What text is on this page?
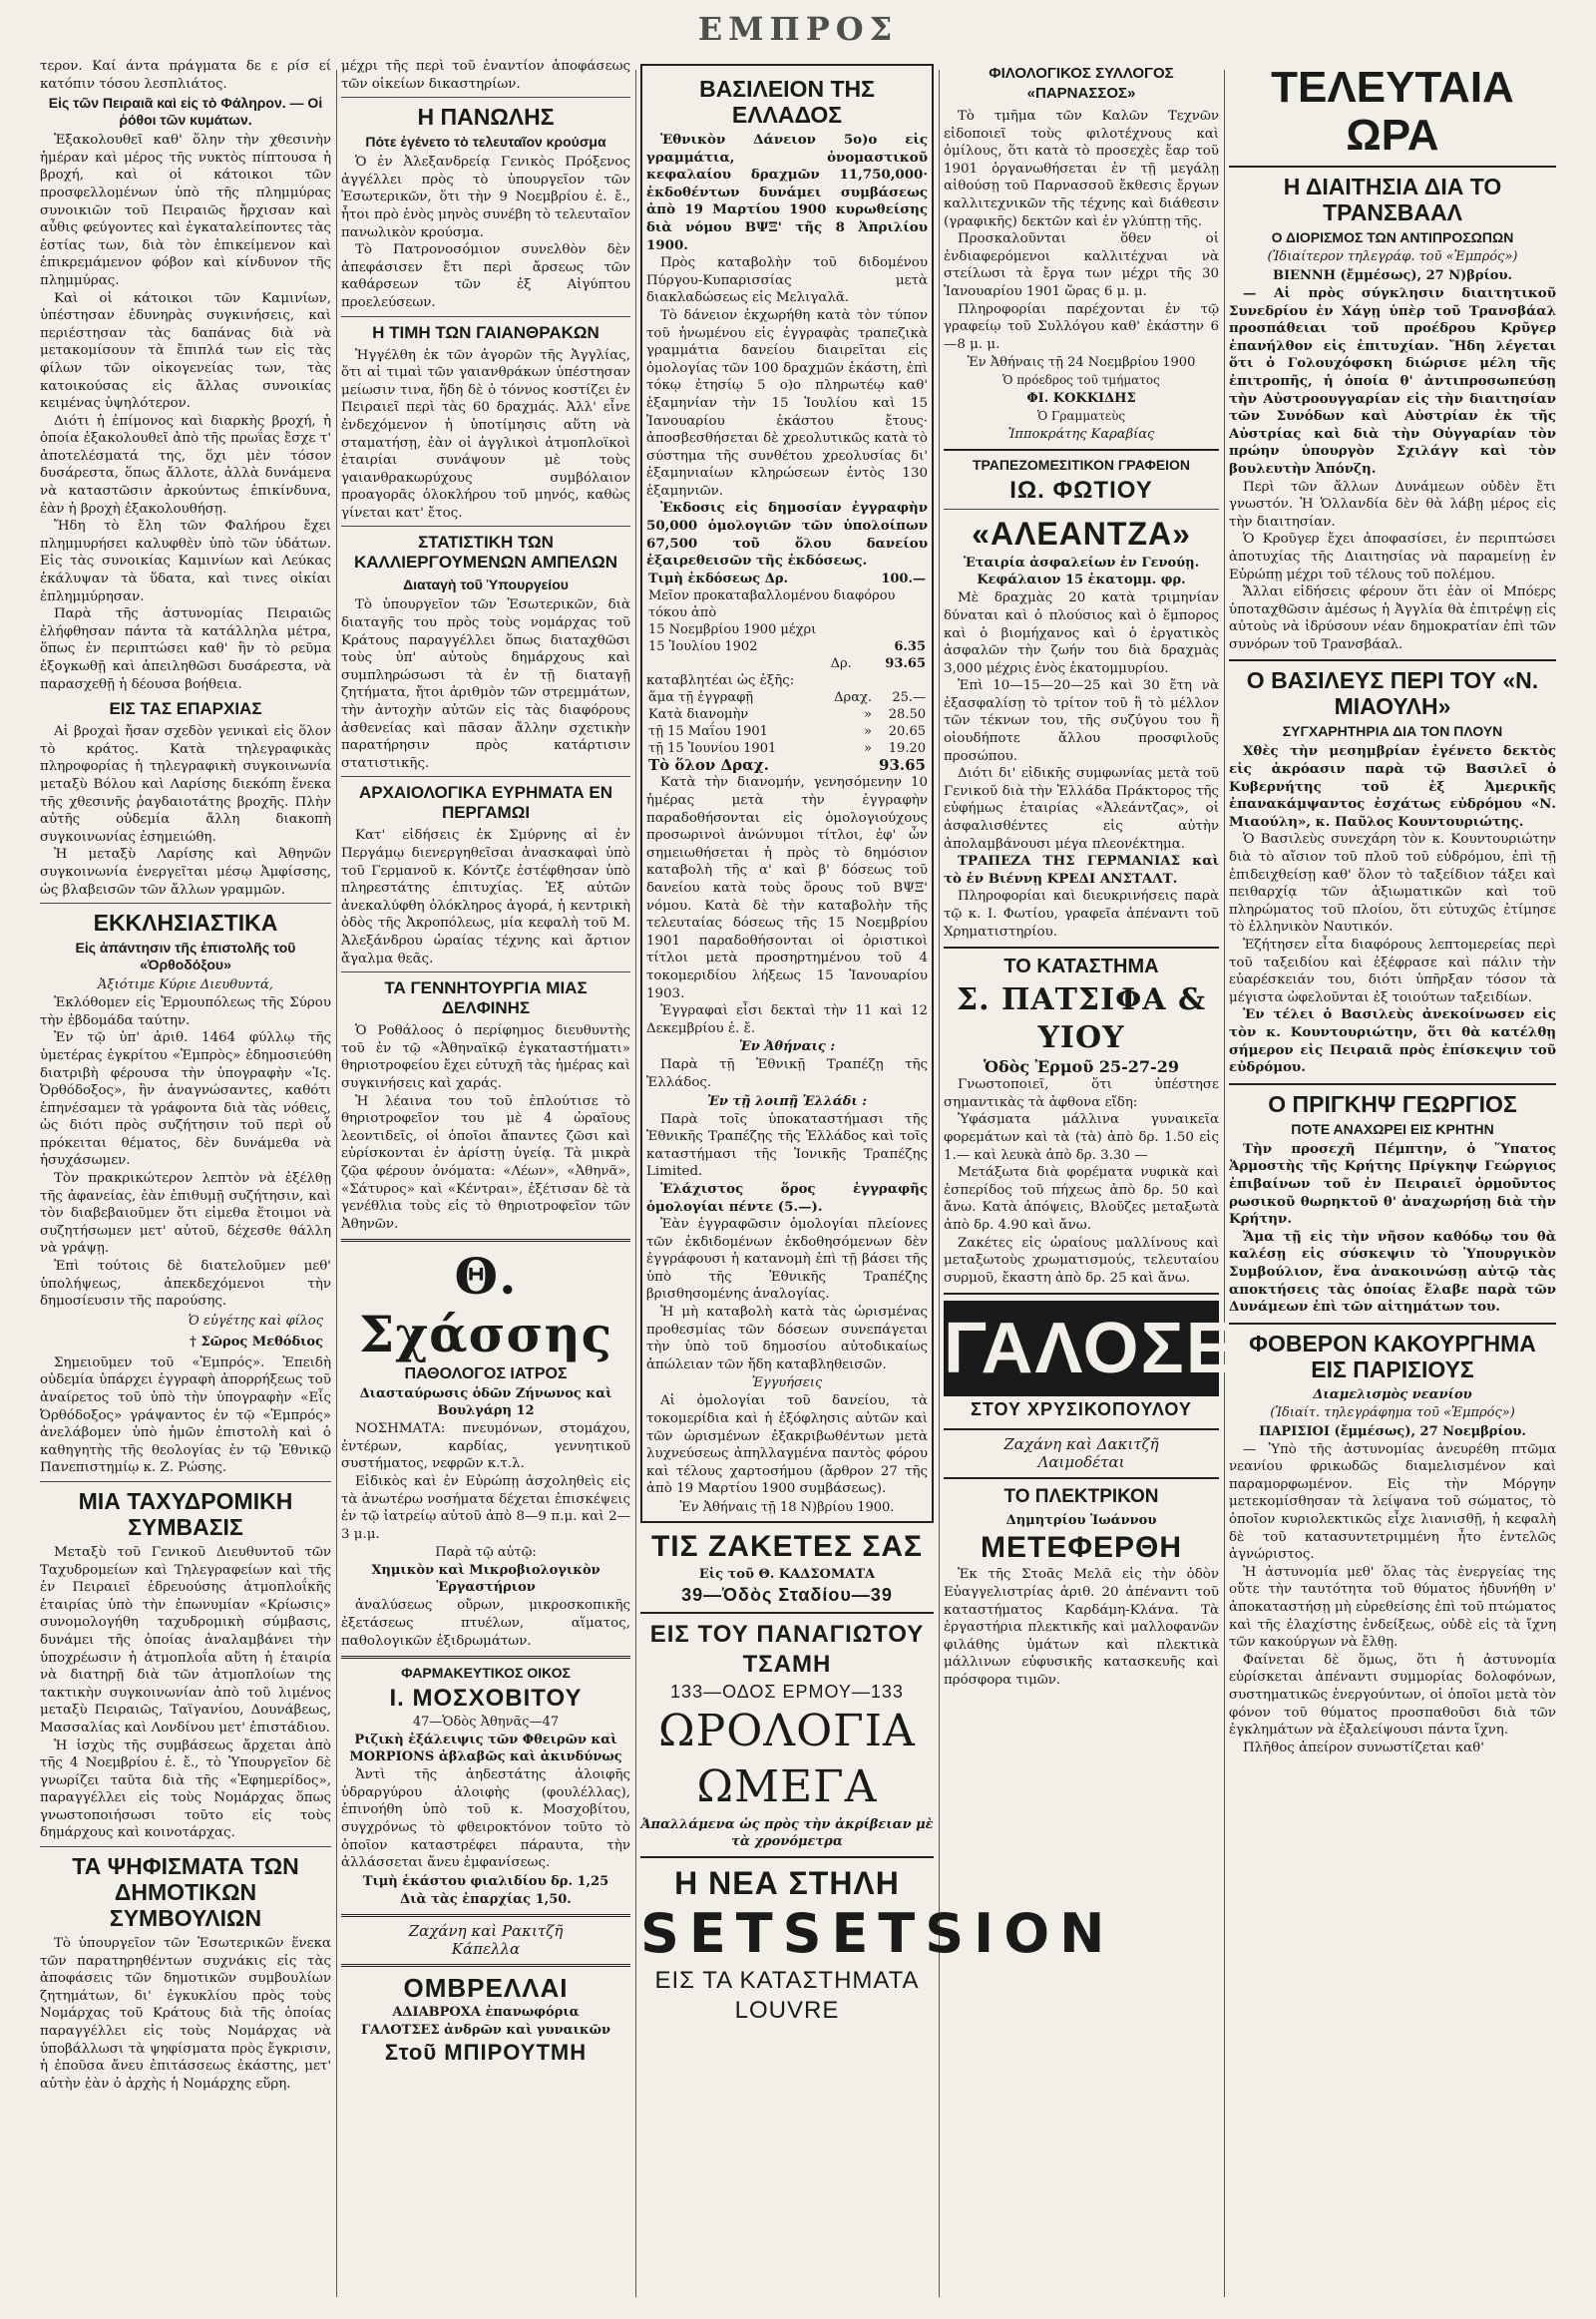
ΕΜΠΡΟΣ

τερον. Καί άντα πράγματα δε ε ρίσ εί κατόπιν τόσου λεσπλιάτος.

Εἰς τῶν Πειραιᾶ καὶ εἰς τὸ Φάληρον. — Οἱ ῥόθοι τῶν κυμάτων.

Ἐξακολουθεῖ καθ' ὅλην τὴν χθεσινὴν ἡμέραν καὶ μέρος τῆς νυκτὸς πίπτουσα ἡ βροχή, καὶ οἱ κάτοικοι τῶν προσφελλομένων ὑπὸ τῆς πλημμύρας συνοικιῶν τοῦ Πειραιῶς ἤρχισαν καὶ αὖθις φεύγοντες καὶ ἐγκαταλείποντες τὰς ἑστίας των, διὰ τὸν ἐπικείμενον καὶ ἐπικρεμάμενον φόβον καὶ κίνδυνον τῆς πλημμύρας.

Καὶ οἱ κάτοικοι τῶν Καμινίων, ὑπέστησαν ἐδυνηρὰς συγκινήσεις, καὶ περιέστησαν τὰς δαπάνας διὰ νὰ μετακομίσουν τὰ ἔπιπλά των εἰς τὰς φίλων τῶν οἰκογενείας των, τὰς κατοικούσας εἰς ἄλλας συνοικίας κειμένας ὑψηλότερον.

Διότι ἡ ἐπίμονος καὶ διαρκὴς βροχή, ἡ ὁποία ἐξακολουθεῖ ἀπὸ τῆς πρωΐας ἔσχε τ' ἀποτελέσματά της, ὅχι μὲν τόσον δυσάρεστα, ὅπως ἄλλοτε, ἀλλὰ δυνάμενα νὰ καταστῶσιν ἀρκούντως ἐπικίνδυνα, ἐὰν ἡ βροχὴ ἐξακολουθήσῃ.

Ἤδη τὸ ἔλη τῶν Φαλήρου ἔχει πλημμυρήσει καλυφθὲν ὑπὸ τῶν ὑδάτων. Εἰς τὰς συνοικίας Καμινίων καὶ Λεύκας ἐκάλυψαν τὰ ὕδατα, καὶ τινες οἰκίαι ἐπλημμύρησαν.

Παρὰ τῆς ἀστυνομίας Πειραιῶς ἐλήφθησαν πάντα τὰ κατάλληλα μέτρα, ὅπως ἐν περιπτώσει καθ' ἣν τὸ ρεῦμα ἐξογκωθῇ καὶ ἀπειληθῶσι δυσάρεστα, νὰ παρασχεθῇ ἡ δέουσα βοήθεια.

ΕΙΣ ΤΑΣ ΕΠΑΡΧΙΑΣ

Αἱ βροχαὶ ἤσαν σχεδὸν γενικαὶ εἰς ὅλον τὸ κράτος. Κατὰ τηλεγραφικὰς πληροφορίας ἡ τηλεγραφικὴ συγκοινωνία μεταξὺ Βόλου καὶ Λαρίσης διεκόπη ἕνεκα τῆς χθεσινῆς ῥαγδαιοτάτης βροχῆς. Πλὴν αὐτῆς οὐδεμία ἄλλη διακοπὴ συγκοινωνίας ἐσημειώθη.

Ἡ μεταξὺ Λαρίσης καὶ Ἀθηνῶν συγκοινωνία ἐνεργεῖται μέσῳ Ἀμφίσσης, ὡς βλαβεισῶν τῶν ἄλλων γραμμῶν.

ΕΚΚΛΗΣΙΑΣΤΙΚΑ
Εἰς ἀπάντησιν τῆς ἐπιστολῆς τοῦ «Ὀρθοδόξου»
Ἀξιότιμε Κύριε Διευθυντά,

Ἐκλόθομεν εἰς Ἑρμουπόλεως τῆς Σύρου τὴν ἐβδομάδα ταύτην.

Ἐν τῷ ὑπ' ἀριθ. 1464 φύλλῳ τῆς ὑμετέρας ἐγκρίτου «Ἐμπρὸς» ἐδημοσιεύθη διατριβὴ φέρουσα τὴν ὑπογραφὴν «Ἰς. Ὀρθόδοξος», ἣν ἀναγνώσαντες, καθότι ἐπηνέσαμεν τὰ γράφοντα διὰ τὰς νόθεις, ὡς διότι πρὸς συζήτησιν τοῦ περὶ οὗ πρόκειται θέματος, δὲν δυνάμεθα νὰ ἠσυχάσωμεν.

Τὸν πρακρικώτερον λεπτὸν νὰ ἐξέλθῃ τῆς ἀφανείας, ἐὰν ἐπιθυμῇ συζήτησιν, καὶ τὸν διαβεβαιοῦμεν ὅτι εἰμεθα ἕτοιμοι νὰ συζητήσωμεν μετ' αὐτοῦ, δέχεσθε θάλλη νὰ γράψῃ.

Ἐπὶ τούτοις δὲ διατελοῦμεν μεθ' ὑπολήψεως, ἀπεκδεχόμενοι τὴν δημοσίευσιν τῆς παρούσης.

Ὁ εὐγέτης καὶ φίλος
† Σῶρος Μεθόδιος

Σημειοῦμεν τοῦ «Ἐμπρός». Ἐπειδὴ οὐδεμία ὑπάρχει ἐγγραφὴ ἀπορρήξεως τοῦ ἀναίρετος τοῦ ὑπὸ τὴν ὑπογραφὴν «Εἷς Ὀρθόδοξος» γράψαντος ἐν τῷ «Ἐμπρός» ἀνελάβομεν ὑπὸ ἡμῶν ἐπιστολὴ καὶ ὁ καθηγητὴς τῆς θεολογίας ἐν τῷ Ἐθνικῷ Πανεπιστημίῳ κ. Ζ. Ρώσης.

ΜΙΑ ΤΑΧΥΔΡΟΜΙΚΗ ΣΥΜΒΑΣΙΣ

Μεταξὺ τοῦ Γενικοῦ Διευθυντοῦ τῶν Ταχυδρομείων καὶ Τηλεγραφείων καὶ τῆς ἐν Πειραιεῖ ἑδρευούσης ἀτμοπλοΐκῆς ἑταιρίας ὑπὸ τὴν ἐπωνυμίαν «Κρίωσις» συνομολογήθη ταχυδρομικὴ σύμβασις, δυνάμει τῆς ὁποίας ἀναλαμβάνει τὴν ὑποχρέωσιν ἡ ἀτμοπλοΐα αὕτη ἡ ἑταιρία νὰ διατηρῇ διὰ τῶν ἀτμοπλοίων της τακτικὴν συγκοινωνίαν ἀπὸ τοῦ λιμένος μεταξὺ Πειραιῶς, Ταϊγανίου, Δουνάβεως, Μασσαλίας καὶ Λονδίνου μετ' ἐπιστάδιου.

Ἡ ἰσχὺς τῆς συμβάσεως ἄρχεται ἀπὸ τῆς 4 Νοεμβρίου ἐ. ἔ., τὸ Ὑπουργεῖον δὲ γνωρίζει ταῦτα διὰ τῆς «Ἐφημερίδος», παραγγέλλει εἰς τοὺς Νομάρχας ὅπως γνωστοποιήσωσι τοῦτο εἰς τοὺς δημάρχους καὶ κοινοτάρχας.

ΤΑ ΨΗΦΙΣΜΑΤΑ ΤΩΝ ΔΗΜΟΤΙΚΩΝ ΣΥΜΒΟΥΛΙΩΝ

Τὸ ὑπουργεῖον τῶν Ἐσωτερικῶν ἕνεκα τῶν παρατηρηθέντων συχνάκις εἰς τὰς ἀποφάσεις τῶν δημοτικῶν συμβουλίων ζητημάτων, δι' ἐγκυκλίου πρὸς τοὺς Νομάρχας τοῦ Κράτους διὰ τῆς ὁποίας παραγγέλλει εἰς τοὺς Νομάρχας νὰ ὑποβάλλωσι τὰ ψηφίσματα πρὸς ἔγκρισιν, ἡ ἐποῦσα ἄνευ ἐπιτάσσεως ἑκάστης, μετ' αὐτὴν ἐὰν ὁ ἀρχὴς ἡ Νομάρχης εὕρη.

μέχρι τῆς περὶ τοῦ ἐναντίον ἀποφάσεως τῶν οἰκείων δικαστηρίων.

Η ΠΑΝΩΛΗΣ
Πότε ἐγένετο τὸ τελευταῖον κρούσμα

Ὁ ἐν Ἀλεξανδρείᾳ Γενικὸς Πρόξενος ἀγγέλλει πρὸς τὸ ὑπουργεῖον τῶν Ἐσωτερικῶν, ὅτι τὴν 9 Νοεμβρίου ἐ. ἔ., ἦτοι πρὸ ἑνὸς μηνὸς συνέβη τὸ τελευταῖον πανωλικὸν κρούσμα.

Τὸ Πατρονοσόμιον συνελθὸν δὲν ἀπεφάσισεν ἔτι περὶ ἄρσεως τῶν καθάρσεων τῶν ἐξ Αἰγύπτου προελεύσεων.

Η ΤΙΜΗ ΤΩΝ ΓΑΙΑΝΘΡΑΚΩΝ

Ἠγγέλθη ἐκ τῶν ἀγορῶν τῆς Ἀγγλίας, ὅτι αἱ τιμαὶ τῶν γαιανθράκων ὑπέστησαν μείωσιν τινα, ἤδη δὲ ὁ τόννος κοστίζει ἐν Πειραιεῖ περὶ τὰς 60 δραχμάς. Ἀλλ' εἶνε ἐνδεχόμενον ἡ ὑποτίμησις αὕτη νὰ σταματήσῃ, ἐὰν οἱ ἀγγλικοὶ ἀτμοπλοϊκοὶ ἑταιρίαι συνάψουν μὲ τοὺς γαιανθρακωρύχους συμβόλαιον προαγορᾶς ὁλοκλήρου τοῦ μηνός, καθὼς γίνεται κατ' ἔτος.

ΣΤΑΤΙΣΤΙΚΗ ΤΩΝ ΚΑΛΛΙΕΡΓΟΥΜΕΝΩΝ ΑΜΠΕΛΩΝ
Διαταγὴ τοῦ Ὑπουργείου

Τὸ ὑπουργεῖον τῶν Ἐσωτερικῶν, διὰ διαταγῆς του πρὸς τοὺς νομάρχας τοῦ Κράτους παραγγέλλει ὅπως διαταχθῶσι τοὺς ὑπ' αὐτοὺς δημάρχους καὶ συμπληρώσωσι τὰ ἐν τῇ διαταγῇ ζητήματα, ἤτοι ἀριθμὸν τῶν στρεμμάτων, τὴν ἀντοχὴν αὐτῶν εἰς τὰς διαφόρους ἀσθενείας καὶ πᾶσαν ἄλλην σχετικὴν παρατήρησιν πρὸς κατάρτισιν στατιστικῆς.

ΑΡΧΑΙΟΛΟΓΙΚΑ ΕΥΡΗΜΑΤΑ ΕΝ ΠΕΡΓΑΜΩΙ

Κατ' εἰδήσεις ἐκ Σμύρνης αἱ ἐν Περγάμῳ διενεργηθεῖσαι ἀνασκαφαὶ ὑπὸ τοῦ Γερμανοῦ κ. Κόντζε ἐστέφθησαν ὑπὸ πληρεστάτης ἐπιτυχίας. Ἐξ αὐτῶν ἀνεκαλύφθη ὁλόκληρος ἀγορά, ἡ κεντρικὴ ὁδὸς τῆς Ἀκροπόλεως, μία κεφαλὴ τοῦ Μ. Ἀλεξάνδρου ὡραίας τέχνης καὶ ἄρτιον ἄγαλμα θεᾶς.

ΤΑ ΓΕΝΝΗΤΟΥΡΓΙΑ ΜΙΑΣ ΔΕΛΦΙΝΗΣ

Ὁ Ροθάλοος ὁ περίφημος διευθυντὴς τοῦ ἐν τῷ «Ἀθηναϊκῷ ἐγκαταστήματι» θηριοτροφείου ἔχει εὐτυχῆ τὰς ἡμέρας καὶ συγκινήσεις καὶ χαράς.

Ἡ λέαινα του τοῦ ἐπλούτισε τὸ θηριοτροφεῖον του μὲ 4 ὡραῖους λεοντιδεῖς, οἱ ὁποῖοι ἄπαντες ζῶσι καὶ εὑρίσκονται ἐν ἀρίστῃ ὑγείᾳ. Τὰ μικρὰ ζῷα φέρουν ὀνόματα: «Λέων», «Ἀθηνᾶ», «Σάτυρος» καὶ «Κέντραι», ἐξέτισαν δὲ τὰ γενέθλια τοὺς εἰς τὸ θηριοτροφεῖον τῶν Ἀθηνῶν.

Θ. Σχάσσης
ΠΑΘΟΛΟΓΟΣ ΙΑΤΡΟΣ
Διασταύρωσις ὁδῶν Ζήνωνος καὶ Βουλγάρη 12

ΝΟΣΗΜΑΤΑ: πνευμόνων, στομάχου, ἐντέρων, καρδίας, γεννητικοῦ συστήματος, νεφρῶν κ.τ.λ.

Εἰδικὸς καὶ ἐν Εὐρώπῃ ἀσχοληθεὶς εἰς τὰ ἀνωτέρω νοσήματα δέχεται ἐπισκέψεις ἐν τῷ ἰατρείῳ αὐτοῦ ἀπὸ 8—9 π.μ. καὶ 2—3 μ.μ.

Παρὰ τῷ αὐτῷ:
Χημικὸν καὶ Μικροβιολογικὸν Ἐργαστήριον

ἀναλύσεως οὔρων, μικροσκοπικῆς ἐξετάσεως πτυέλων, αἵματος, παθολογικῶν ἐξιδρωμάτων.

ΦΑΡΜΑΚΕΥΤΙΚΟΣ ΟΙΚΟΣ
Ι. ΜΟΣΧΟΒΙΤΟΥ
47—Ὁδὸς Ἀθηνᾶς—47
Ριζικὴ ἐξάλειψις τῶν Φθειρῶν καὶ MORPIONS ἀβλαβῶς καὶ ἀκινδύνως

Ἀντὶ τῆς ἀηδεστάτης ἀλοιφῆς ὑδραργύρου ἀλοιφὴς (φουλέλλας), ἐπινοήθη ὑπὸ τοῦ κ. Μοσχοβίτου, συγχρόνως τὸ φθειροκτόνον τοῦτο τὸ ὁποῖον καταστρέφει πάραυτα, τὴν ἀλλάσσεται ἄνευ ἐμφανίσεως.

Τιμὴ ἑκάστου φιαλιδίου δρ. 1,25
Διὰ τὰς ἐπαρχίας 1,50.
Ζαχάνη καὶ Ρακιτζῆ
Κάπελλα
ΟΜΒΡΕΛΛΑΙ
ΑΔΙΑΒΡΟΧΑ ἐπανωφόρια
ΓΑΛΟΤΣΕΣ ἀνδρῶν καὶ γυναικῶν
Στοῦ ΜΠΙΡΟΥΤΜΗ
ΒΑΣΙΛΕΙΟΝ ΤΗΣ ΕΛΛΑΔΟΣ

Ἐθνικὸν Δάνειον 5ο)ο εἰς γραμμάτια, ὀνομαστικοῦ κεφαλαίου δραχμῶν 11,750,000· ἐκδοθέντων δυνάμει συμβάσεως ἀπὸ 19 Μαρτίου 1900 κυρωθείσης διὰ νόμου ΒΨΞ' τῆς 8 Ἀπριλίου 1900.

Πρὸς καταβολὴν τοῦ διδομένου Πύργου-Κυπαρισσίας μετὰ διακλαδώσεως εἰς Μελιγαλᾶ.

Τὸ δάνειον ἐκχωρήθη κατὰ τὸν τύπον τοῦ ἡνωμένου εἰς ἐγγραφὰς τραπεζικὰ γραμμάτια δανείου διαιρεῖται εἰς ὁμολογίας τῶν 100 δραχμῶν ἑκάστη, ἐπὶ τόκῳ ἐτησίῳ 5 ο)ο πληρωτέῳ καθ' ἑξαμηνίαν τὴν 15 Ἰουλίου καὶ 15 Ἰανουαρίου ἑκάστου ἔτους· ἀποσβεσθήσεται δὲ χρεολυτικῶς κατὰ τὸ σύστημα τῆς συνθέτου χρεολυσίας δι' ἑξαμηνιαίων κληρώσεων ἐντὸς 130 ἑξαμηνιῶν.

Ἐκδοσις εἰς δημοσίαν ἐγγραφὴν 50,000 ὁμολογιῶν τῶν ὑπολοίπων 67,500 τοῦ ὅλου δανείου ἐξαιρεθεισῶν τῆς ἐκδόσεως.

Τιμὴ ἐκδόσεως Δρ.	100.—
Μεῖον προκαταβαλλομένου διαφόρου τόκου ἀπὸ	
15 Νοεμβρίου 1900 μέχρι	
15 Ἰουλίου 1902	6.35
Δρ.	93.65

καταβλητέαι ὡς ἑξῆς:

ἅμα τῇ ἐγγραφῇ	Δραχ.	25.—
Κατὰ διανομὴν	»	28.50
τῇ 15 Μαΐου 1901	»	20.65
τῇ 15 Ἰουνίου 1901	»	19.20
Τὸ ὅλον Δραχ.	93.65

Κατὰ τὴν διανομήν, γενησόμενην 10 ἡμέρας μετὰ τὴν ἐγγραφὴν παραδοθήσονται εἰς ὁμολογιούχους προσωρινοὶ ἀνώνυμοι τίτλοι, ἐφ' ὧν σημειωθήσεται ἡ πρὸς τὸ δημόσιον καταβολὴ τῆς α' καὶ β' δόσεως τοῦ δανείου κατὰ τοὺς ὅρους τοῦ ΒΨΞ' νόμου. Κατὰ δὲ τὴν καταβολὴν τῆς τελευταίας δόσεως τῆς 15 Νοεμβρίου 1901 παραδοθήσονται οἱ ὁριστικοὶ τίτλοι μετὰ προσηρτημένου τοῦ 4 τοκομεριδίου λήξεως 15 Ἰανουαρίου 1903.

Ἐγγραφαὶ εἶσι δεκταὶ τὴν 11 καὶ 12 Δεκεμβρίου ἐ. ἔ.

Ἐν Ἀθήναις :

Παρὰ τῇ Ἐθνικῇ Τραπέζῃ τῆς Ἑλλάδος.

Ἐν τῇ λοιπῇ Ἑλλάδι :

Παρὰ τοῖς ὑποκαταστήμασι τῆς Ἐθνικῆς Τραπέζης τῆς Ἑλλάδος καὶ τοῖς καταστήμασι τῆς Ἰονικῆς Τραπέζης Limited.

Ἐλάχιστος ὅρος ἐγγραφῆς ὁμολογίαι πέντε (5.—).

Ἐὰν ἐγγραφῶσιν ὁμολογίαι πλείονες τῶν ἐκδιδομένων ἐκδοθησόμενων δὲν ἐγγράφουσι ἡ κατανομὴ ἐπὶ τῇ βάσει τῆς ὑπὸ τῆς Ἐθνικῆς Τραπέζης βρισθησομένης ἀναλογίας.

Ἡ μὴ καταβολὴ κατὰ τὰς ὡρισμένας προθεσμίας τῶν δόσεων συνεπάγεται τὴν ὑπὸ τοῦ δημοσίου αὐτοδικαίως ἀπώλειαν τῶν ἤδη καταβληθεισῶν.

Ἐγγυήσεις

Αἱ ὁμολογίαι τοῦ δανείου, τὰ τοκομερίδια καὶ ἡ ἐξόφλησις αὐτῶν καὶ τῶν ὠρισμένων ἐξακριβωθέντων μετὰ λυχνεύσεως ἀπηλλαγμένα παντὸς φόρου καὶ τέλους χαρτοσήμου (ἄρθρον 27 τῆς ἀπὸ 19 Μαρτίου 1900 συμβάσεως).

Ἐν Ἀθήναις τῇ 18 Ν)βρίου 1900.
ΤΙΣ ΖΑΚΕΤΕΣ ΣΑΣ
Εἰς τοῦ Θ. ΚΑΔΣΟΜΑΤΑ
39—Ὁδὸς Σταδίου—39
ΕΙΣ ΤΟΥ ΠΑΝΑΓΙΩΤΟΥ ΤΣΑΜΗ
133—ΟΔΟΣ ΕΡΜΟΥ—133
ΩΡΟΛΟΓΙΑ ΩΜΕΓΑ
Ἀπαλλάμενα ὡς πρὸς τὴν ἀκρίβειαν μὲ τὰ χρονόμετρα
Η ΝΕΑ ΣΤΗΛΗ
SETSETSION
ΕΙΣ ΤΑ ΚΑΤΑΣΤΗΜΑΤΑ LOUVRE
ΦΙΛΟΛΟΓΙΚΟΣ ΣΥΛΛΟΓΟΣ «ΠΑΡΝΑΣΣΟΣ»

Τὸ τμῆμα τῶν Καλῶν Τεχνῶν εἰδοποιεῖ τοὺς φιλοτέχνους καὶ ὀμίλους, ὅτι κατὰ τὸ προσεχὲς ἔαρ τοῦ 1901 ὀργανωθήσεται ἐν τῇ μεγάλῃ αἰθούσῃ τοῦ Παρνασσοῦ ἔκθεσις ἔργων καλλιτεχνικῶν τῆς τέχνης καὶ διάθεσιν (γραφικῆς) δεκτῶν καὶ ἐν γλύπτῃ τῆς.

Προσκαλοῦνται ὅθεν οἱ ἐνδιαφερόμενοι καλλιτέχναι νὰ στείλωσι τὰ ἔργα των μέχρι τῆς 30 Ἰανουαρίου 1901 ὥρας 6 μ. μ.

Πληροφορίαι παρέχονται ἐν τῷ γραφείῳ τοῦ Συλλόγου καθ' ἑκάστην 6—8 μ. μ.

Ἐν Ἀθήναις τῇ 24 Νοεμβρίου 1900
Ὁ πρόεδρος τοῦ τμήματος
ΦΙ. ΚΟΚΚΙΔΗΣ
Ὁ Γραμματεὺς
Ἱπποκράτης Καραβίας
ΤΡΑΠΕΖΟΜΕΣΙΤΙΚΟΝ ΓΡΑΦΕΙΟΝ
ΙΩ. ΦΩΤΙΟΥ
«ΑΛΕΑΝΤΖΑ»
Ἐταιρία ἀσφαλείων ἐν Γενούῃ. Κεφάλαιον 15 ἑκατομμ. φρ.

Μὲ δραχμὰς 20 κατὰ τριμηνίαν δύναται καὶ ὁ πλούσιος καὶ ὁ ἔμπορος καὶ ὁ βιομήχανος καὶ ὁ ἐργατικὸς ἀσφαλῶν τὴν ζωήν του διὰ δραχμὰς 3,000 μέχρις ἐνὸς ἑκατομμυρίου.

Ἐπὶ 10—15—20—25 καὶ 30 ἔτη νὰ ἐξασφαλίσῃ τὸ τρίτον τοῦ ἢ τὸ μέλλον τῶν τέκνων του, τῆς συζύγου του ἢ οἱουδήποτε ἄλλου προσφιλοῦς προσώπου.

Διότι δι' εἰδικῆς συμφωνίας μετὰ τοῦ Γενικοῦ διὰ τὴν Ἑλλάδα Πράκτορος τῆς εὐφήμως ἐταιρίας «Ἀλεάντζας», οἱ ἀσφαλισθέντες εἰς αὐτὴν ἀπολαμβάνουσι μέγα πλεονέκτημα.

ΤΡΑΠΕΖΑ ΤΗΣ ΓΕΡΜΑΝΙΑΣ καὶ τὸ ἐν Βιέννῃ ΚΡΕΔΙ ΑΝΣΤΑΛΤ.

Πληροφορίαι καὶ διευκρινήσεις παρὰ τῷ κ. Ι. Φωτίου, γραφεῖα ἀπέναντι τοῦ Χρηματιστηρίου.

ΤΟ ΚΑΤΑΣΤΗΜΑ
Σ. ΠΑΤΣΙΦΑ & ΥΙΟΥ
Ὁδὸς Ἑρμοῦ 25-27-29

Γνωστοποιεῖ, ὅτι ὑπέστησε σημαντικὰς τὰ ἀφθονα εἴδη:

Ὑφάσματα μάλλινα γυναικεῖα φορεμάτων καὶ τὰ (τὰ) ἀπὸ δρ. 1.50 εἰς 1.— καὶ λευκὰ ἀπὸ δρ. 3.30 —

Μετάξωτα διὰ φορέματα νυφικὰ καὶ ἐσπερίδος τοῦ πήχεως ἀπὸ δρ. 50 καὶ ἄνω. Κατὰ ἀπόψεις, Βλοῦζες μεταξωτὰ ἀπὸ δρ. 4.90 καὶ ἄνω.

Ζακέτες εἰς ὡραίους μαλλίνους καὶ μεταξωτοὺς χρωματισμούς, τελευταίου συρμοῦ, ἔκαστη ἀπὸ δρ. 25 καὶ ἄνω.

ΓΑΛΟΣΕΣ
ΣΤΟΥ ΧΡΥΣΙΚΟΠΟΥΛΟΥ
Ζαχάνη καὶ Δακιτζῆ
Λαιμοδέται
ΤΟ ΠΛΕΚΤΡΙΚΟΝ
Δημητρίου Ἰωάννου
ΜΕΤΕΦΕΡΘΗ

Ἐκ τῆς Στοᾶς Μελᾶ εἰς τὴν ὁδὸν Εὐαγγελιστρίας ἀριθ. 20 ἀπέναντι τοῦ καταστήματος Καρδάμη-Κλάνα. Τὰ ἐργαστήρια πλεκτικῆς καὶ μαλλοφανῶν φιλάθης ὑμάτων καὶ πλεκτικὰ μάλλινων εὐφυσικῆς κατασκευῆς καὶ πρόσφορα τιμῶν.

ΤΕΛΕΥΤΑΙΑ ΩΡΑ
Η ΔΙΑΙΤΗΣΙΑ ΔΙΑ ΤΟ ΤΡΑΝΣΒΑΑΛ
Ο ΔΙΟΡΙΣΜΟΣ ΤΩΝ ΑΝΤΙΠΡΟΣΩΠΩΝ
(Ἰδιαίτερον τηλεγράφ. τοῦ «Ἐμπρός»)
ΒΙΕΝΝΗ (ἔμμέσως), 27 Ν)βρίου.

— Αἱ πρὸς σύγκλησιν διαιτητικοῦ Συνεδρίου ἐν Χάγῃ ὑπὲρ τοῦ Τρανσβάαλ προσπάθειαι τοῦ προέδρου Κρῦγερ ἐπανήλθον εἰς ἐπιτυχίαν. Ἤδη λέγεται ὅτι ὁ Γολουχόφσκη διώρισε μέλη τῆς ἐπιτροπῆς, ἡ ὁποία θ' ἀντιπροσωπεύσῃ τὴν Αὐστροουγγαρίαν εἰς τὴν διαιτησίαν τῶν Συνόδων καὶ Αὐστρίαν ἐκ τῆς Αὐστρίας καὶ διὰ τὴν Οὐγγαρίαν τὸν πρώην ὑπουργὸν Σχιλάγγ καὶ τὸν βουλευτὴν Ἀπόνζη.

Περὶ τῶν ἄλλων Δυνάμεων οὐδὲν ἔτι γνωστόν. Ἡ Ὁλλανδία δὲν θὰ λάβῃ μέρος εἰς τὴν διαιτησίαν.

Ὁ Κροῦγερ ἔχει ἀποφασίσει, ἐν περιπτώσει ἀποτυχίας τῆς Διαιτησίας νὰ παραμείνῃ ἐν Εὐρώπῃ μέχρι τοῦ τέλους τοῦ πολέμου.

Ἄλλαι εἰδήσεις φέρουν ὅτι ἐὰν οἱ Μπόερς ὑποταχθῶσιν ἀμέσως ἡ Ἀγγλία θὰ ἐπιτρέψῃ εἰς αὐτοὺς νὰ ἱδρύσουν νέαν δημοκρατίαν ἐπὶ τῶν συνόρων τοῦ Τρανσβάαλ.

Ο ΒΑΣΙΛΕΥΣ ΠΕΡΙ ΤΟΥ «Ν. ΜΙΑΟΥΛΗ»
ΣΥΓΧΑΡΗΤΗΡΙΑ ΔΙΑ ΤΟΝ ΠΛΟΥΝ

Χθὲς τὴν μεσημβρίαν ἐγένετο δεκτὸς εἰς ἀκρόασιν παρὰ τῷ Βασιλεῖ ὁ Κυβερνήτης τοῦ ἐξ Ἀμερικῆς ἐπανακάμψαντος ἐσχάτως εὐδρόμου «Ν. Μιαούλη», κ. Παῦλος Κουντουριώτης.

Ὁ Βασιλεὺς συνεχάρη τὸν κ. Κουντουριώτην διὰ τὸ αἴσιον τοῦ πλοῦ τοῦ εὐδρόμου, ἐπὶ τῇ ἐπιδειχθείσῃ καθ' ὅλον τὸ ταξείδιον τάξει καὶ πειθαρχίᾳ τῶν ἀξιωματικῶν καὶ τοῦ πληρώματος τοῦ πλοίου, ὅτι εὐτυχῶς ἐτίμησε τὸ ἑλληνικὸν Ναυτικόν.

Ἐζήτησεν εἶτα διαφόρους λεπτομερείας περὶ τοῦ ταξειδίου καὶ ἐξέφρασε καὶ πάλιν τὴν εὐαρέσκειάν του, διότι ὑπῆρξαν τόσον τὰ μέγιστα ὠφελοῦνται ἐξ τοιούτων ταξειδίων.

Ἐν τέλει ὁ Βασιλεὺς ἀνεκοίνωσεν εἰς τὸν κ. Κουντουριώτην, ὅτι θὰ κατέλθῃ σήμερον εἰς Πειραιᾶ πρὸς ἐπίσκεψιν τοῦ εὐδρόμου.

Ο ΠΡΙΓΚΗΨ ΓΕΩΡΓΙΟΣ
ΠΟΤΕ ΑΝΑΧΩΡΕΙ ΕΙΣ ΚΡΗΤΗΝ

Τὴν προσεχῆ Πέμπτην, ὁ Ὕπατος Ἁρμοστὴς τῆς Κρήτης Πρίγκηψ Γεώργιος ἐπιβαίνων τοῦ ἐν Πειραιεῖ ὁρμοῦντος ρωσικοῦ θωρηκτοῦ θ' ἀναχωρήσῃ διὰ τὴν Κρήτην.

Ἅμα τῇ εἰς τὴν νῆσον καθόδῳ του θὰ καλέσῃ εἰς σύσκεψιν τὸ Ὑπουργικὸν Συμβούλιον, ἕνα ἀνακοινώσῃ αὐτῷ τὰς αποκτήσεις τὰς ὁποίας ἔλαβε παρὰ τῶν Δυνάμεων ἐπὶ τῶν αἰτημάτων του.

ΦΟΒΕΡΟΝ ΚΑΚΟΥΡΓΗΜΑ ΕΙΣ ΠΑΡΙΣΙΟΥΣ
Διαμελισμὸς νεανίου
(Ἰδιαίτ. τηλεγράφημα τοῦ «Ἐμπρός»)
ΠΑΡΙΣΙΟΙ (ἔμμέσως), 27 Νοεμβρίου.

— Ὑπὸ τῆς ἀστυνομίας ἀνευρέθη πτῶμα νεανίου φρικωδῶς διαμελισμένον καὶ παραμορφωμένον. Εἰς τὴν Μόργην μετεκομίσθησαν τὰ λείψανα τοῦ σώματος, τὸ ὁποῖον κυριολεκτικῶς εἶχε λιανισθῇ, ἡ κεφαλὴ δὲ τοῦ κατασυντετριμμένη ἦτο ἐντελῶς ἀγνώριστος.

Ἡ ἀστυνομία μεθ' ὅλας τὰς ἐνεργείας της οὔτε τὴν ταυτότητα τοῦ θύματος ἠδυνήθη ν' ἀποκαταστήσῃ μὴ εὑρεθείσης ἐπὶ τοῦ πτώματος καὶ τῆς ἐλαχίστης ἐνδείξεως, οὐδὲ εἰς τὰ ἴχνη τῶν κακούργων νὰ ἔλθῃ.

Φαίνεται δὲ ὅμως, ὅτι ἡ ἀστυνομία εὑρίσκεται ἀπέναντι συμμορίας δολοφόνων, συστηματικῶς ἐνεργούντων, οἱ ὁποῖοι μετὰ τὸν φόνον τοῦ θύματος προσπαθοῦσι διὰ τῶν ἐγκλημάτων νὰ ἐξαλείψουσι πάντα ἴχνη.

Πλῆθος ἀπείρον συνωστίζεται καθ'
